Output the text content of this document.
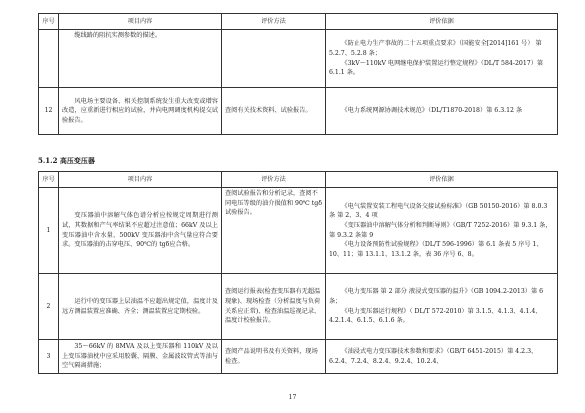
序号	项目内容	评价方法	评价依据
	缆线路的阻抗实测参数的描述。		《防止电力生产事故的二十五项重点要求》（国能安全[2014]161 号） 第 5.2.7、5.2.8 条；
《3kV～110kV 电网继电保护装置运行整定规程》（DL/T 584-2017）第 6.1.1 条。

12	风电场主要设备、相关控制系统发生重大改变或增容改造，应重新进行相应的试验，并向电网调度机构提交试验报告。	查阅有关技术资料、试验报告。	《电力系统网源协调技术规范》（DL/T1870-2018）第 6.3.12 条
5.1.2 高压变压器
序号	项目内容	评价方法	评价依据
1	变压器油中溶解气体色谱分析应按规定周期进行测试，其数据和产气率结果不应超过注意值；66kV 及以上变压器油中含水量、500kV 变压器油中含气量应符合要求。变压器油的击穿电压、90℃的 tgδ应合格。	查阅试验报告和分析记录，查阅不同电压等级的油介损值和 90℃ tgδ试验报告。	《电气装置安装工程电气设备交接试验标准》（GB 50150-2016）第 8.0.3 条 第 2、3、4 项
《变压器油中溶解气体分析和判断导则》（GB/T 7252-2016）第 9.3.1 条，第 9.3.2 条第 9
《电力设备预防性试验规程》（DL/T 596-1996）第 6.1 条表 5 序号 1、10、11；第 13.1.1、13.1.2 条，表 36 序号 6、8。

2	运行中的变压器上层油温不应超出规定值，温度计及远方测温装置应准确、齐全；测温装置应定期校验。	查阅运行报表(检查变压器有无超温现象)、现场检查（分析温度与负荷关系应正常)、检查油温巡视记录、温度计校验报告。	《电力变压器 第 2 部分 液浸式变压器的温升》（GB 1094.2-2013）第 6 条；
《电力变压器运行规程》（ DL/T 572-2010）第 3.1.5、4.1.3、4.1.4、4.2.1.4、6.1.5、6.1.6 条。

3	35～66kV 的 8MVA 及以上变压器和 110kV 及以上变压器油枕中应采用胶囊、隔膜、金属波纹管式等油与空气隔离措施；	查阅产品说明书及有关资料，现场检查。	《油浸式电力变压器技术参数和要求》（GB/T 6451-2015）第 4.2.3、6.2.4、7.2.4、8.2.4、9.2.4、10.2.4、
17
